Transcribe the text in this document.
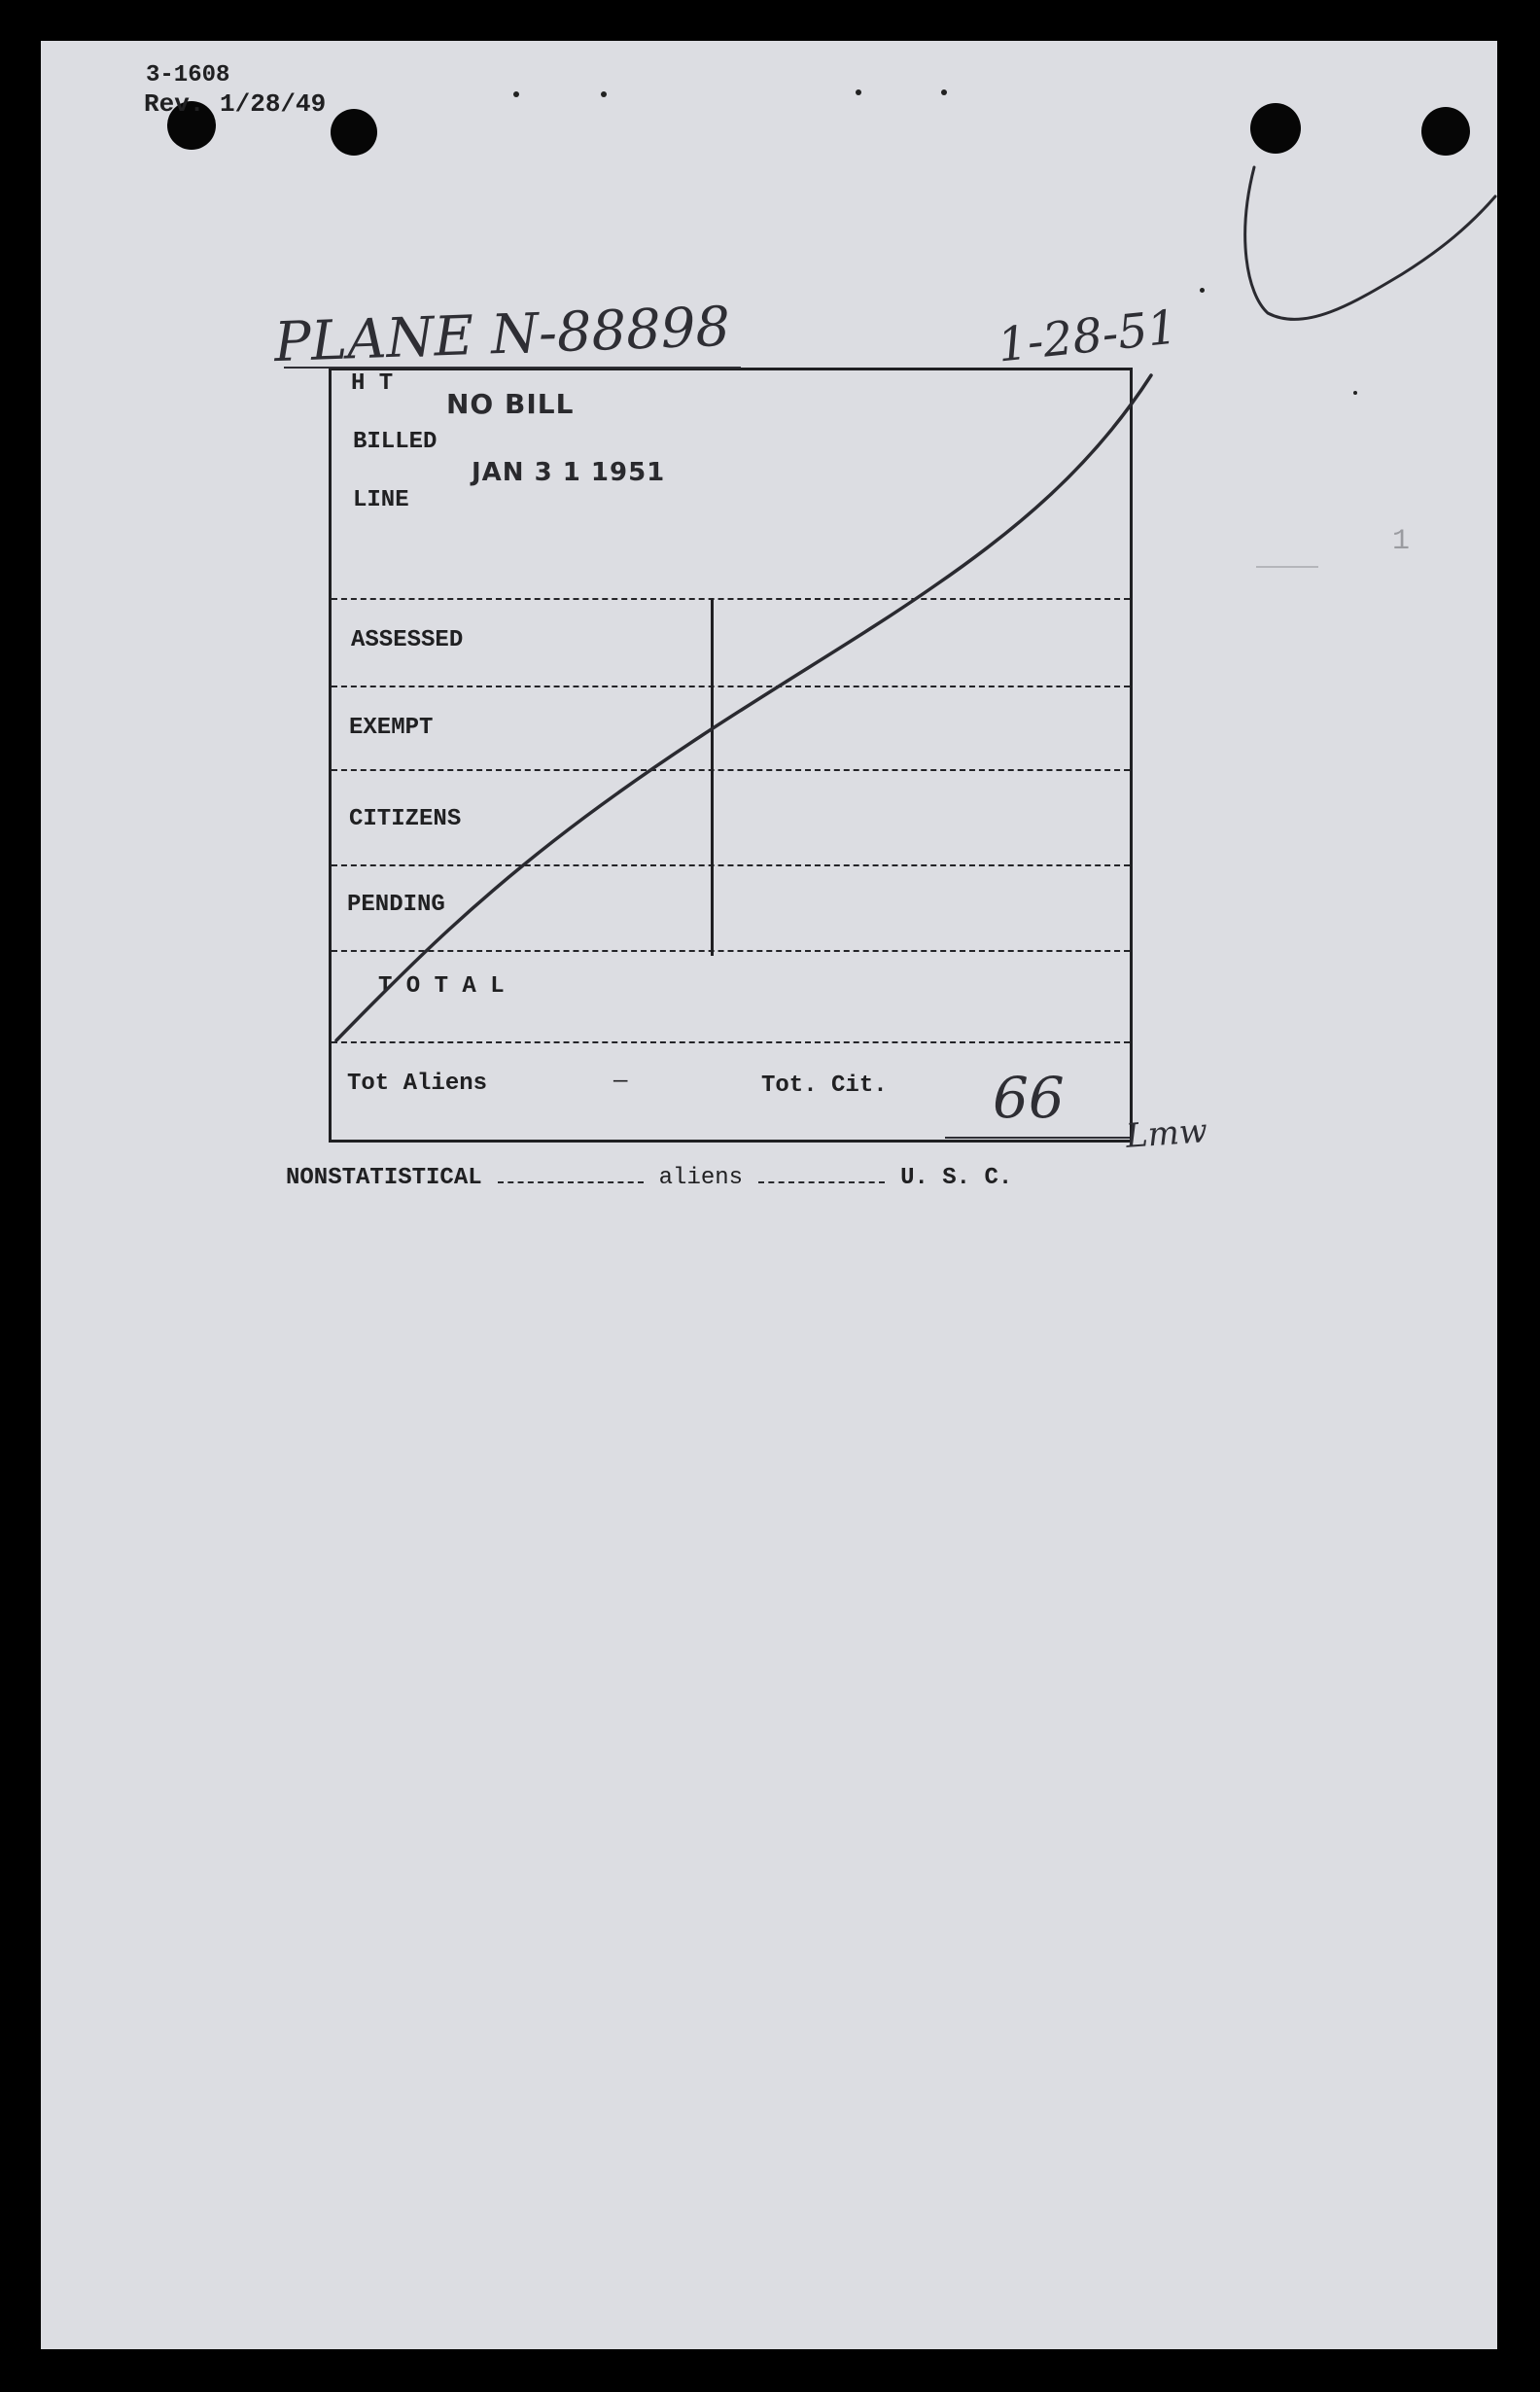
3-1608
Rev. 1/28/49
PLANE N-88898	1-28-51
1
H T
NO BILL
BILLED
JAN 3 1 1951
LINE
ASSESSED
EXEMPT
CITIZENS
PENDING
T O T A L
Tot Aliens	—	Tot. Cit. 66
Lmw
NONSTATISTICAL	aliens	U. S. C.
